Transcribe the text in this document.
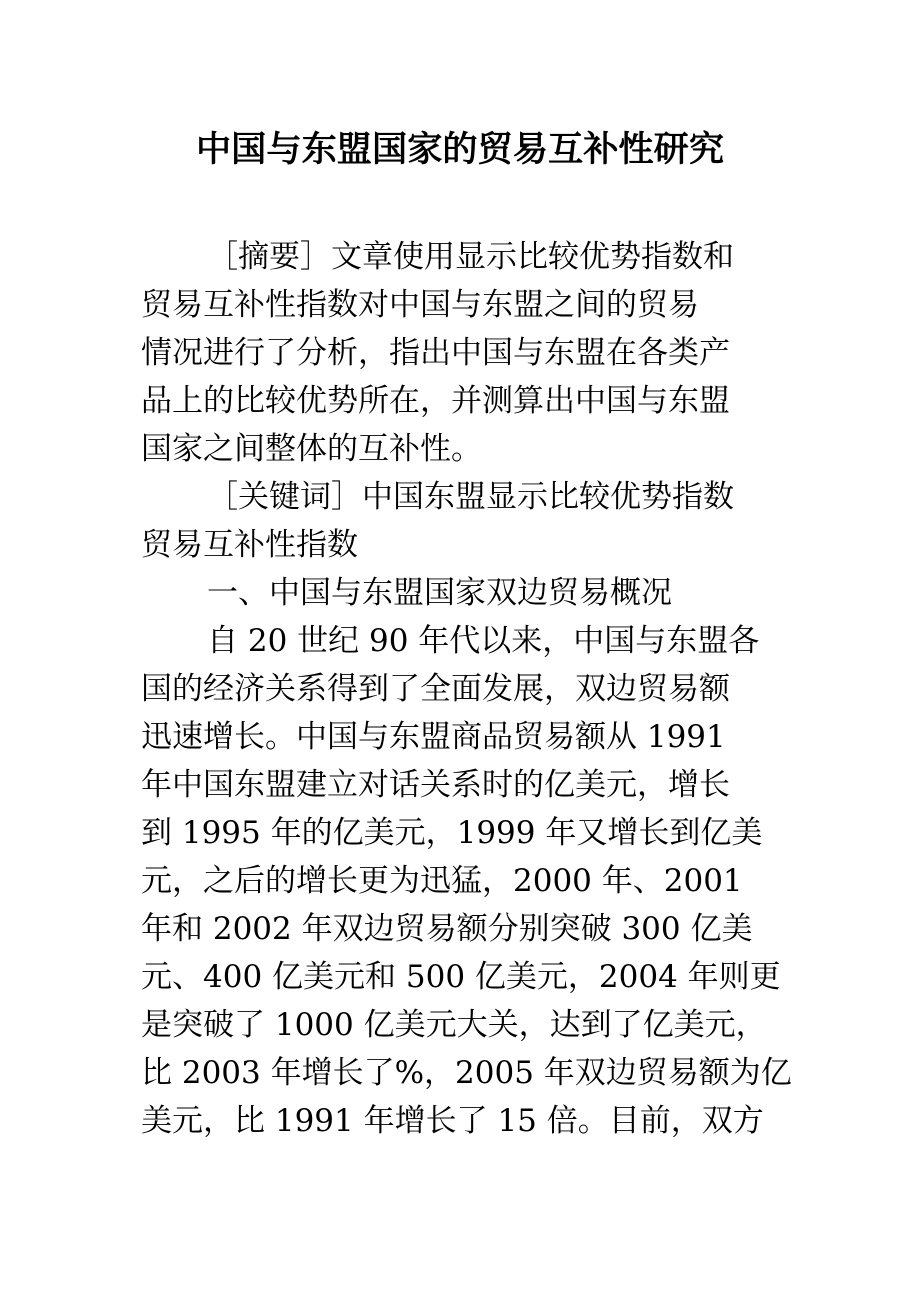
中国与东盟国家的贸易互补性研究
［摘要］文章使用显示比较优势指数和
贸易互补性指数对中国与东盟之间的贸易
情况进行了分析，指出中国与东盟在各类产
品上的比较优势所在，并测算出中国与东盟
国家之间整体的互补性。
［关键词］中国东盟显示比较优势指数
贸易互补性指数
一、中国与东盟国家双边贸易概况
自 20 世纪 90 年代以来，中国与东盟各
国的经济关系得到了全面发展，双边贸易额
迅速增长。中国与东盟商品贸易额从 1991
年中国东盟建立对话关系时的亿美元，增长
到 1995 年的亿美元，1999 年又增长到亿美
元，之后的增长更为迅猛，2000 年、2001
年和 2002 年双边贸易额分别突破 300 亿美
元、400 亿美元和 500 亿美元，2004 年则更
是突破了 1000 亿美元大关，达到了亿美元，
比 2003 年增长了%，2005 年双边贸易额为亿
美元，比 1991 年增长了 15 倍。目前，双方
